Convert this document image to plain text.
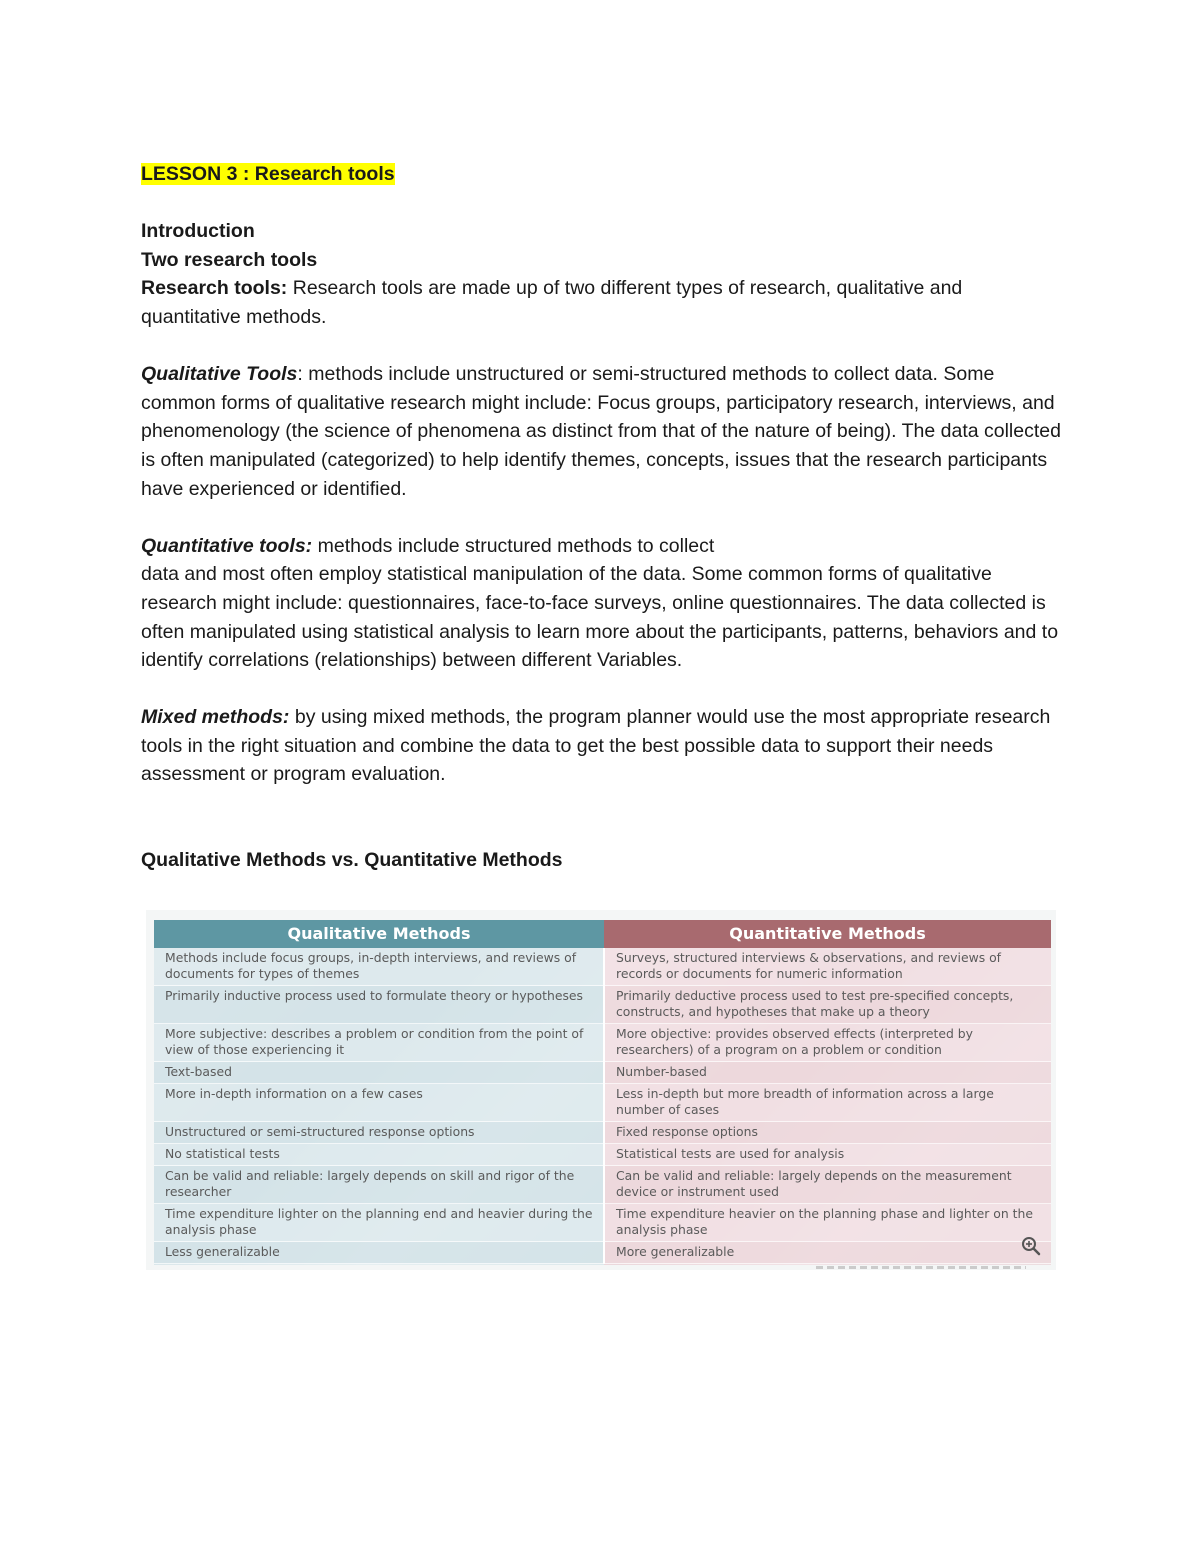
LESSON 3 : Research tools

Introduction

Two research tools

Research tools: Research tools are made up of two different types of research, qualitative and quantitative methods.

Qualitative Tools: methods include unstructured or semi-structured methods to collect data. Some common forms of qualitative research might include: Focus groups, participatory research, interviews, and phenomenology (the science of phenomena as distinct from that of the nature of being). The data collected is often manipulated (categorized) to help identify themes, concepts, issues that the research participants have experienced or identified.

Quantitative tools: methods include structured methods to collect

data and most often employ statistical manipulation of the data. Some common forms of qualitative research might include: questionnaires, face-to-face surveys, online questionnaires. The data collected is often manipulated using statistical analysis to learn more about the participants, patterns, behaviors and to identify correlations (relationships) between different Variables.

Mixed methods: by using mixed methods, the program planner would use the most appropriate research tools in the right situation and combine the data to get the best possible data to support their needs assessment or program evaluation.

Qualitative Methods vs. Quantitative Methods

Qualitative Methods	Quantitative Methods
Methods include focus groups, in-depth interviews, and reviews of documents for types of themes	Surveys, structured interviews & observations, and reviews of records or documents for numeric information
Primarily inductive process used to formulate theory or hypotheses	Primarily deductive process used to test pre-specified concepts, constructs, and hypotheses that make up a theory
More subjective: describes a problem or condition from the point of view of those experiencing it	More objective: provides observed effects (interpreted by researchers) of a program on a problem or condition
Text-based	Number-based
More in-depth information on a few cases	Less in-depth but more breadth of information across a large number of cases
Unstructured or semi-structured response options	Fixed response options
No statistical tests	Statistical tests are used for analysis
Can be valid and reliable: largely depends on skill and rigor of the researcher	Can be valid and reliable: largely depends on the measurement device or instrument used
Time expenditure lighter on the planning end and heavier during the analysis phase	Time expenditure heavier on the planning phase and lighter on the analysis phase
Less generalizable	More generalizable
